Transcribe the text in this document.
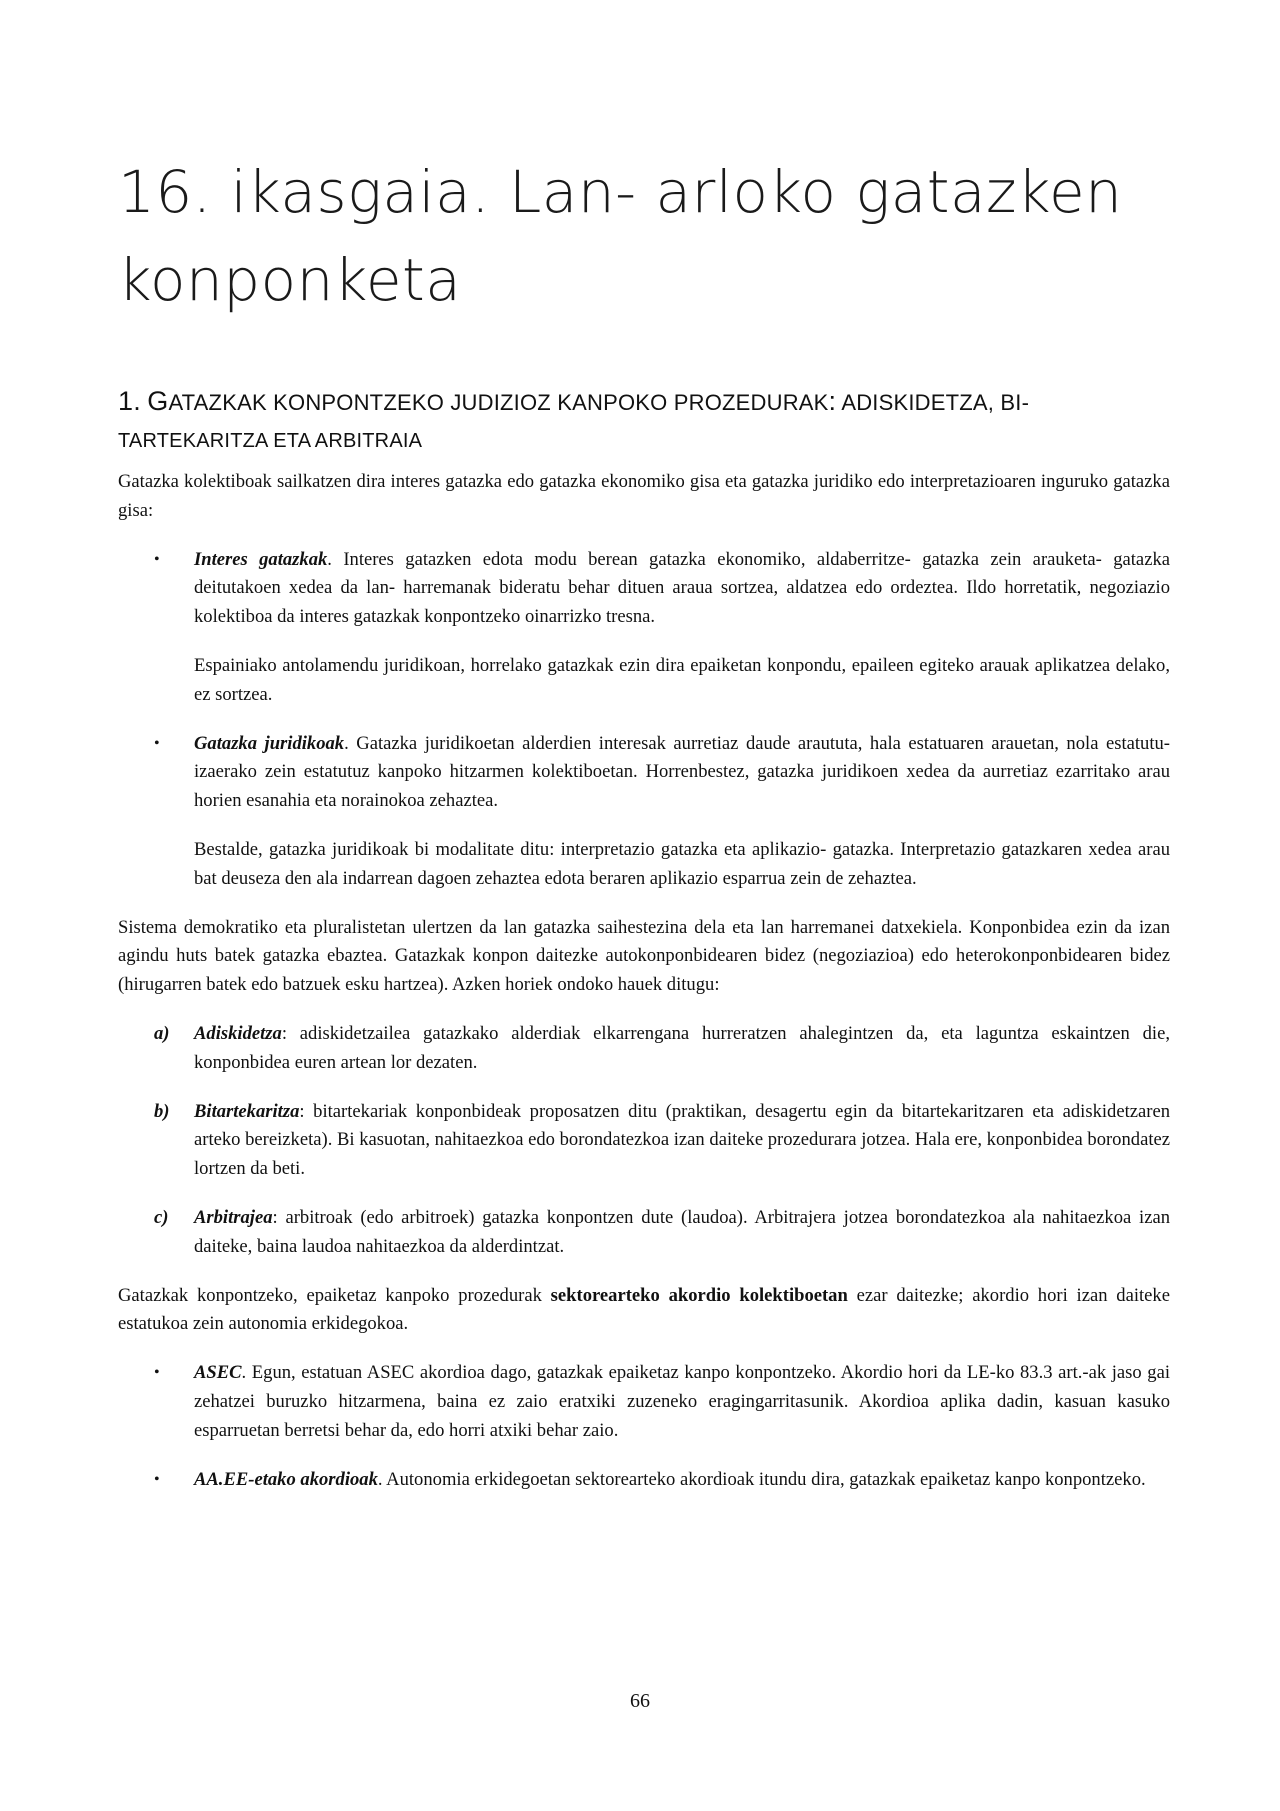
16. ikasgaia. Lan- arloko gatazken konponketa
1. GATAZKAK KONPONTZEKO JUDIZIOZ KANPOKO PROZEDURAK: ADISKIDETZA, BI-
TARTEKARITZA ETA ARBITRAIA

Gatazka kolektiboak sailkatzen dira interes gatazka edo gatazka ekonomiko gisa eta gatazka juridiko edo interpretazioaren inguruko gatazka gisa:

•	Interes gatazkak. Interes gatazken edota modu berean gatazka ekonomiko, aldaberritze- gatazka zein arauketa- gatazka deitutakoen xedea da lan- harremanak bideratu behar dituen araua sortzea, aldatzea edo ordeztea. Ildo horretatik, negoziazio kolektiboa da interes gatazkak konpontzeko oinarrizko tresna.

Espainiako antolamendu juridikoan, horrelako gatazkak ezin dira epaiketan konpondu, epaileen egiteko arauak aplikatzea delako, ez sortzea.

•	Gatazka juridikoak. Gatazka juridikoetan alderdien interesak aurretiaz daude araututa, hala estatuaren arauetan, nola estatutu- izaerako zein estatutuz kanpoko hitzarmen kolektiboetan. Horrenbestez, gatazka juridikoen xedea da aurretiaz ezarritako arau horien esanahia eta norainokoa zehaztea.

Bestalde, gatazka juridikoak bi modalitate ditu: interpretazio gatazka eta aplikazio- gatazka. Interpretazio gatazkaren xedea arau bat deuseza den ala indarrean dagoen zehaztea edota beraren aplikazio esparrua zein de zehaztea.

Sistema demokratiko eta pluralistetan ulertzen da lan gatazka saihestezina dela eta lan harremanei datxekiela. Konponbidea ezin da izan agindu huts batek gatazka ebaztea. Gatazkak konpon daitezke autokonponbidearen bidez (negoziazioa) edo heterokonponbidearen bidez (hirugarren batek edo batzuek esku hartzea). Azken horiek ondoko hauek ditugu:

a)	Adiskidetza: adiskidetzailea gatazkako alderdiak elkarrengana hurreratzen ahalegintzen da, eta laguntza eskaintzen die, konponbidea euren artean lor dezaten.
b)	Bitartekaritza: bitartekariak konponbideak proposatzen ditu (praktikan, desagertu egin da bitartekaritzaren eta adiskidetzaren arteko bereizketa). Bi kasuotan, nahitaezkoa edo borondatezkoa izan daiteke prozedurara jotzea. Hala ere, konponbidea borondatez lortzen da beti.
c)	Arbitrajea: arbitroak (edo arbitroek) gatazka konpontzen dute (laudoa). Arbitrajera jotzea borondatezkoa ala nahitaezkoa izan daiteke, baina laudoa nahitaezkoa da alderdintzat.

Gatazkak konpontzeko, epaiketaz kanpoko prozedurak sektorearteko akordio kolektiboetan ezar daitezke; akordio hori izan daiteke estatukoa zein autonomia erkidegokoa.

•	ASEC. Egun, estatuan ASEC akordioa dago, gatazkak epaiketaz kanpo konpontzeko. Akordio hori da LE-ko 83.3 art.-ak jaso gai zehatzei buruzko hitzarmena, baina ez zaio eratxiki zuzeneko eragingarritasunik. Akordioa aplika dadin, kasuan kasuko esparruetan berretsi behar da, edo horri atxiki behar zaio.
•	AA.EE-etako akordioak. Autonomia erkidegoetan sektorearteko akordioak itundu dira, gatazkak epaiketaz kanpo konpontzeko.
66
